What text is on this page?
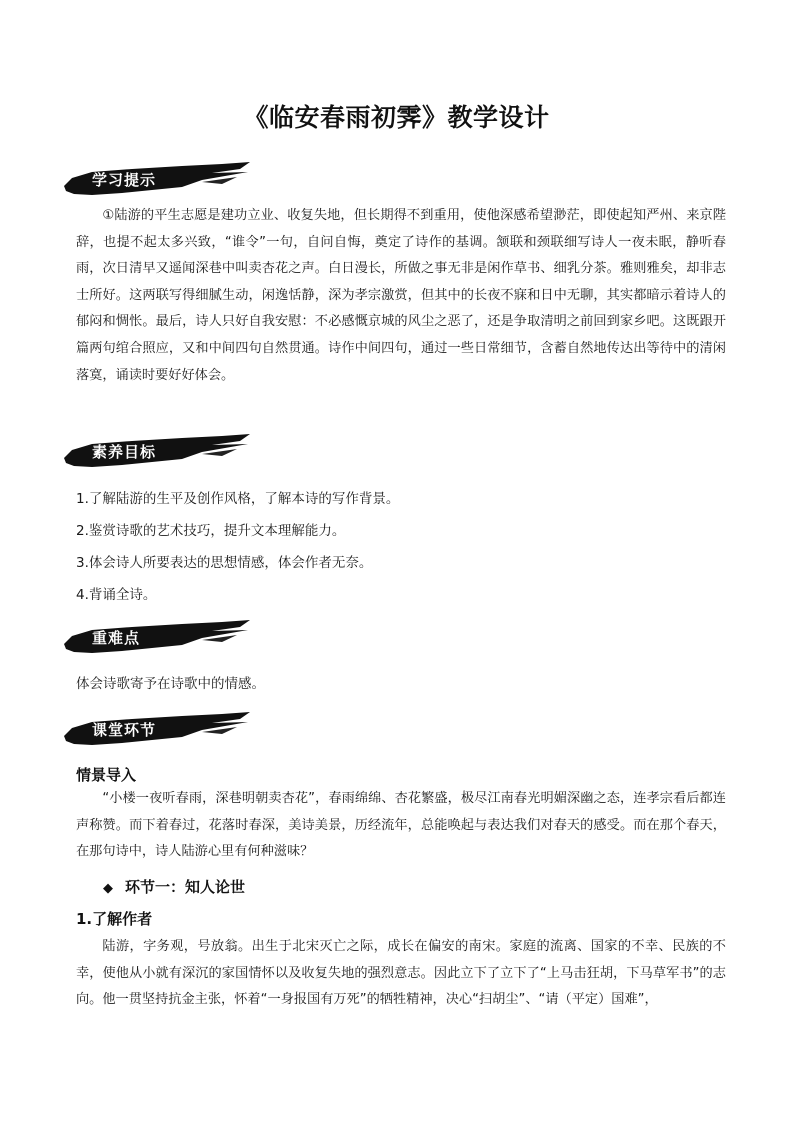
《临安春雨初霁》教学设计
学习提示

①陆游的平生志愿是建功立业、收复失地，但长期得不到重用，使他深感希望渺茫，即使起知严州、来京陛辞，也提不起太多兴致，“谁令”一句，自问自悔，奠定了诗作的基调。颔联和颈联细写诗人一夜未眠，静听春雨，次日清早又遥闻深巷中叫卖杏花之声。白日漫长，所做之事无非是闲作草书、细乳分茶。雅则雅矣，却非志士所好。这两联写得细腻生动，闲逸恬静，深为孝宗激赏，但其中的长夜不寐和日中无聊，其实都暗示着诗人的郁闷和惆怅。最后，诗人只好自我安慰：不必感慨京城的风尘之恶了，还是争取清明之前回到家乡吧。这既跟开篇两句绾合照应，又和中间四句自然贯通。诗作中间四句，通过一些日常细节，含蓄自然地传达出等待中的清闲落寞，诵读时要好好体会。

素养目标

1.了解陆游的生平及创作风格，了解本诗的写作背景。

2.鉴赏诗歌的艺术技巧，提升文本理解能力。

3.体会诗人所要表达的思想情感，体会作者无奈。

4.背诵全诗。

重难点

体会诗歌寄予在诗歌中的情感。

课堂环节

情景导入

“小楼一夜听春雨，深巷明朝卖杏花”，春雨绵绵、杏花繁盛，极尽江南春光明媚深幽之态，连孝宗看后都连声称赞。而下着春过，花落时春深，美诗美景，历经流年，总能唤起与表达我们对春天的感受。而在那个春天，在那句诗中，诗人陆游心里有何种滋味？

◆ 环节一：知人论世

1.了解作者

陆游，字务观，号放翁。出生于北宋灭亡之际，成长在偏安的南宋。家庭的流离、国家的不幸、民族的不幸，使他从小就有深沉的家国情怀以及收复失地的强烈意志。因此立下了立下了“上马击狂胡，下马草军书”的志向。他一贯坚持抗金主张，怀着“一身报国有万死”的牺牲精神，决心“扫胡尘”、“请（平定）国难”，
